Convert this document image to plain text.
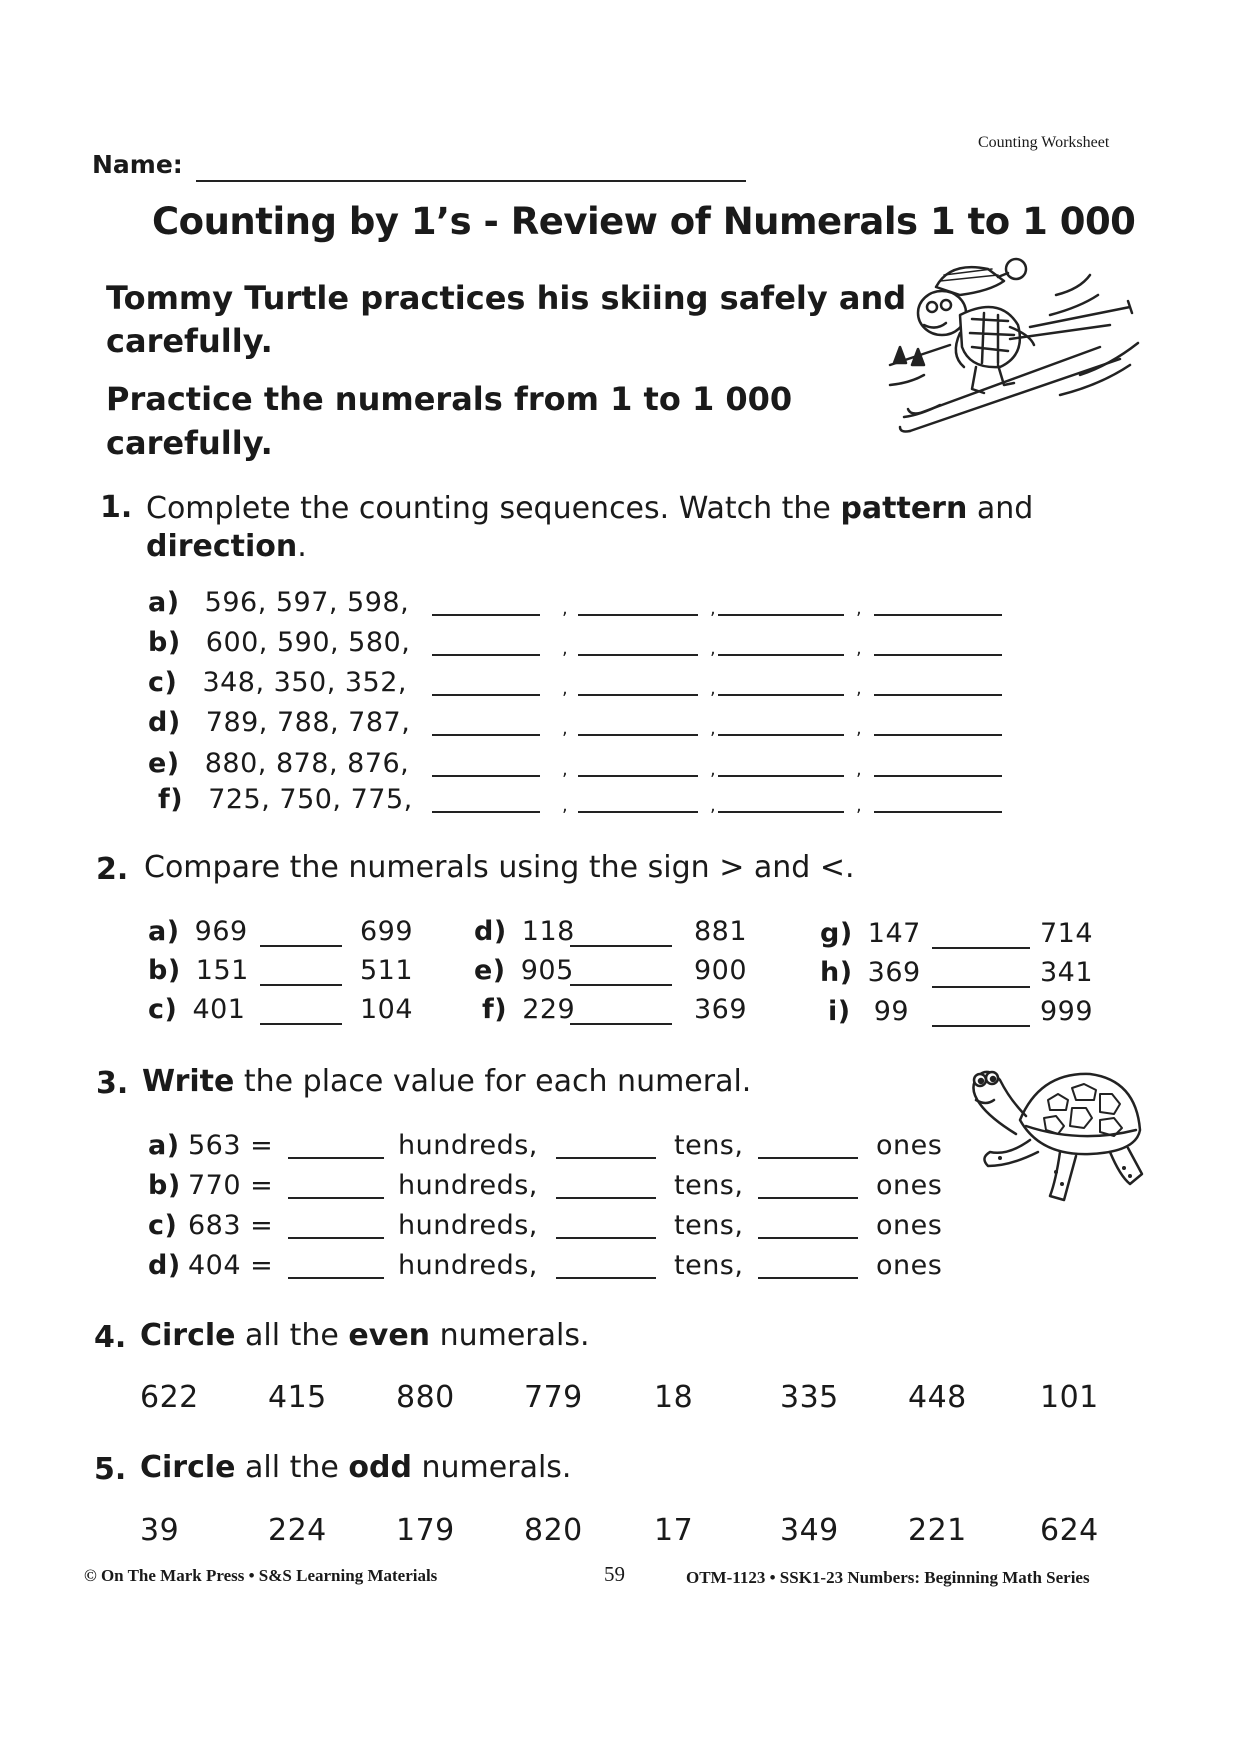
Counting Worksheet
Name:
Counting by 1’s - Review of Numerals 1 to 1 000
Tommy Turtle practices his skiing safely and
carefully.
Practice the numerals from 1 to 1 000
carefully.
1. Complete the counting sequences. Watch the pattern and
direction.
a) 596, 597, 598,
b) 600, 590, 580,
c) 348, 350, 352,
d) 789, 788, 787,
e) 880, 878, 876,
f) 725, 750, 775,
2. Compare the numerals using the sign > and <.
a) 969	699
b) 151	511
c) 401	104
d) 118	881
e) 905	900
f) 229	369
g) 147	714
h) 369	341
i) 99	999
3. Write the place value for each numeral.
a) 563 =	hundreds,	tens,	ones
b) 770 =	hundreds,	tens,	ones
c) 683 =	hundreds,	tens,	ones
d) 404 =	hundreds,	tens,	ones
4. Circle all the even numerals.
622 415 880 779 18	335 448 101
5. Circle all the odd numerals.
39	224 179 820 17	349 221 624
© On The Mark Press • S&S Learning Materials	59	OTM-1123 • SSK1-23 Numbers: Beginning Math Series
,	,	,
,	,	,
,	,	,
,	,	,
,	,	,
,	,	,
